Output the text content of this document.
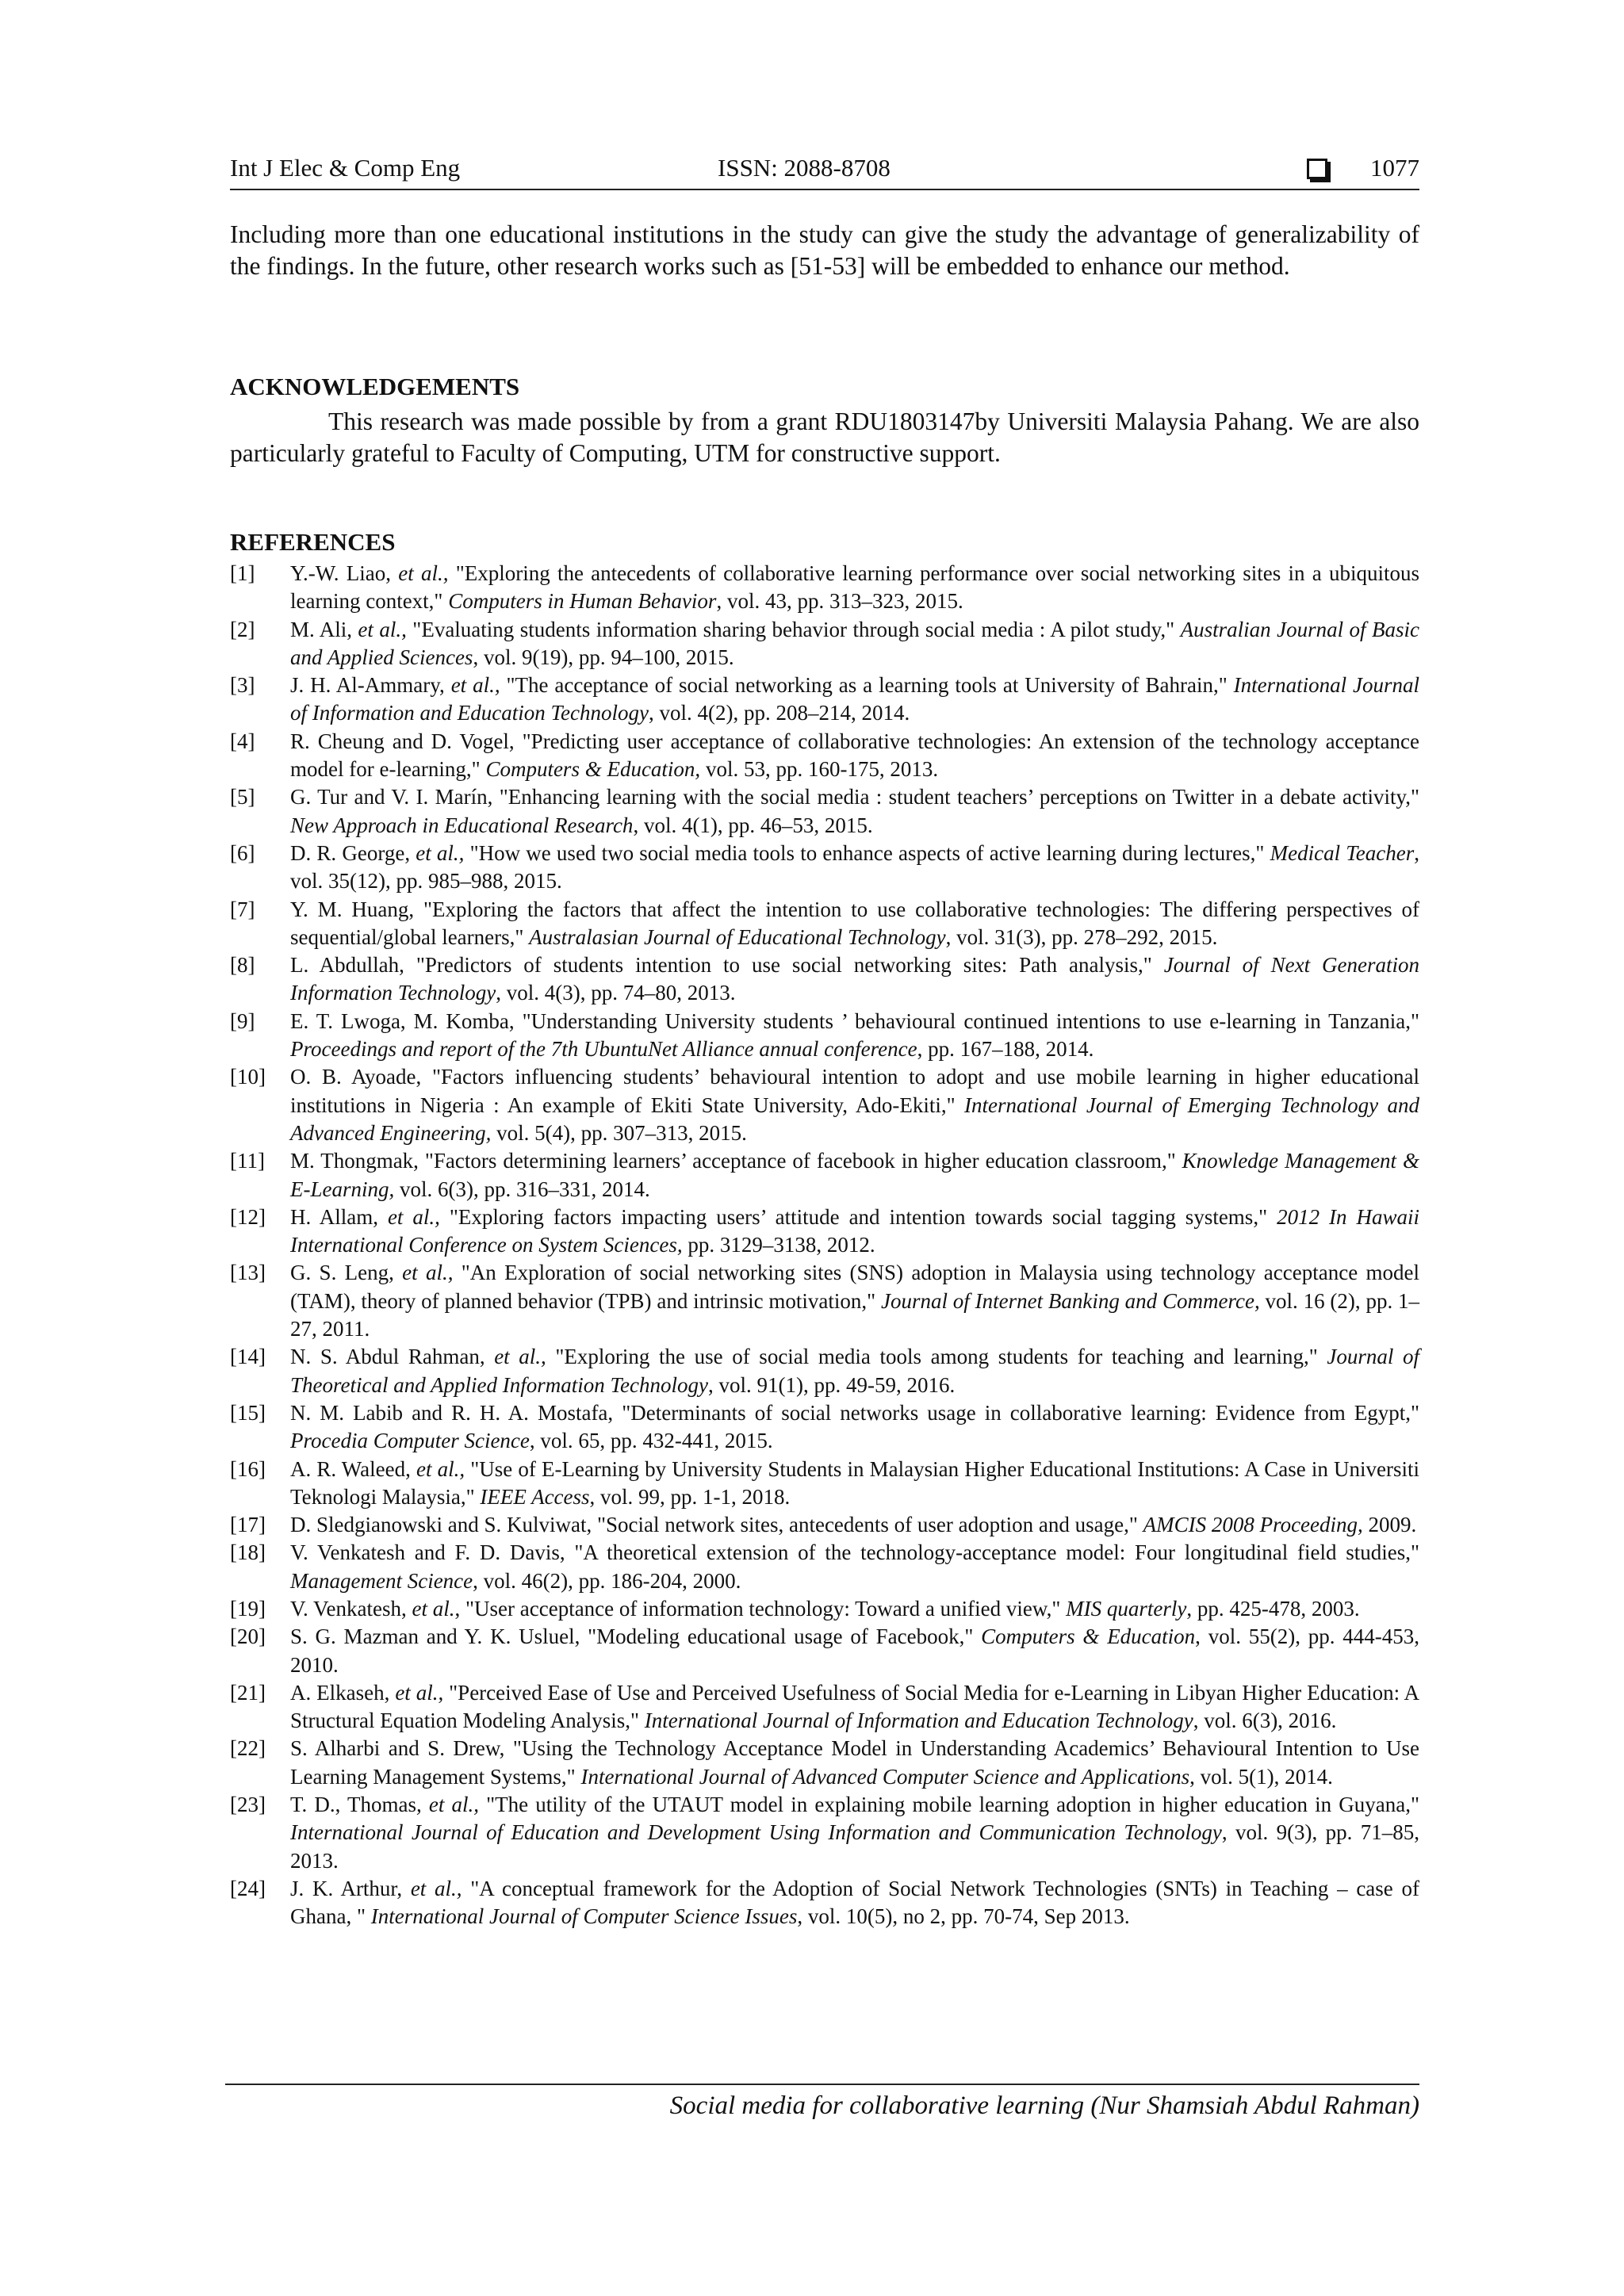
Int J Elec & Comp Eng	ISSN: 2088-8708	1077

Including more than one educational institutions in the study can give the study the advantage of generalizability of the findings. In the future, other research works such as [51-53] will be embedded to enhance our method.

ACKNOWLEDGEMENTS

This research was made possible by from a grant RDU1803147by Universiti Malaysia Pahang. We are also particularly grateful to Faculty of Computing, UTM for constructive support.

REFERENCES
[1] Y.-W. Liao, et al., "Exploring the antecedents of collaborative learning performance over social networking sites in a ubiquitous learning context," Computers in Human Behavior, vol. 43, pp. 313–323, 2015.
[2] M. Ali, et al., "Evaluating students information sharing behavior through social media : A pilot study," Australian Journal of Basic and Applied Sciences, vol. 9(19), pp. 94–100, 2015.
[3] J. H. Al-Ammary, et al., "The acceptance of social networking as a learning tools at University of Bahrain," International Journal of Information and Education Technology, vol. 4(2), pp. 208–214, 2014.
[4] R. Cheung and D. Vogel, "Predicting user acceptance of collaborative technologies: An extension of the technology acceptance model for e-learning," Computers & Education, vol. 53, pp. 160-175, 2013.
[5] G. Tur and V. I. Marín, "Enhancing learning with the social media : student teachers’ perceptions on Twitter in a debate activity," New Approach in Educational Research, vol. 4(1), pp. 46–53, 2015.
[6] D. R. George, et al., "How we used two social media tools to enhance aspects of active learning during lectures," Medical Teacher, vol. 35(12), pp. 985–988, 2015.
[7] Y. M. Huang, "Exploring the factors that affect the intention to use collaborative technologies: The differing perspectives of sequential/global learners," Australasian Journal of Educational Technology, vol. 31(3), pp. 278–292, 2015.
[8] L. Abdullah, "Predictors of students intention to use social networking sites: Path analysis," Journal of Next Generation Information Technology, vol. 4(3), pp. 74–80, 2013.
[9] E. T. Lwoga, M. Komba, "Understanding University students ’ behavioural continued intentions to use e-learning in Tanzania," Proceedings and report of the 7th UbuntuNet Alliance annual conference, pp. 167–188, 2014.
[10] O. B. Ayoade, "Factors influencing students’ behavioural intention to adopt and use mobile learning in higher educational institutions in Nigeria : An example of Ekiti State University, Ado-Ekiti," International Journal of Emerging Technology and Advanced Engineering, vol. 5(4), pp. 307–313, 2015.
[11] M. Thongmak, "Factors determining learners’ acceptance of facebook in higher education classroom," Knowledge Management & E-Learning, vol. 6(3), pp. 316–331, 2014.
[12] H. Allam, et al., "Exploring factors impacting users’ attitude and intention towards social tagging systems," 2012 In Hawaii International Conference on System Sciences, pp. 3129–3138, 2012.
[13] G. S. Leng, et al., "An Exploration of social networking sites (SNS) adoption in Malaysia using technology acceptance model (TAM), theory of planned behavior (TPB) and intrinsic motivation," Journal of Internet Banking and Commerce, vol. 16 (2), pp. 1–27, 2011.
[14] N. S. Abdul Rahman, et al., "Exploring the use of social media tools among students for teaching and learning," Journal of Theoretical and Applied Information Technology, vol. 91(1), pp. 49-59, 2016.
[15] N. M. Labib and R. H. A. Mostafa, "Determinants of social networks usage in collaborative learning: Evidence from Egypt," Procedia Computer Science, vol. 65, pp. 432-441, 2015.
[16] A. R. Waleed, et al., "Use of E-Learning by University Students in Malaysian Higher Educational Institutions: A Case in Universiti Teknologi Malaysia," IEEE Access, vol. 99, pp. 1-1, 2018.
[17] D. Sledgianowski and S. Kulviwat, "Social network sites, antecedents of user adoption and usage," AMCIS 2008 Proceeding, 2009.
[18] V. Venkatesh and F. D. Davis, "A theoretical extension of the technology-acceptance model: Four longitudinal field studies," Management Science, vol. 46(2), pp. 186-204, 2000.
[19] V. Venkatesh, et al., "User acceptance of information technology: Toward a unified view," MIS quarterly, pp. 425-478, 2003.
[20] S. G. Mazman and Y. K. Usluel, "Modeling educational usage of Facebook," Computers & Education, vol. 55(2), pp. 444-453, 2010.
[21] A. Elkaseh, et al., "Perceived Ease of Use and Perceived Usefulness of Social Media for e-Learning in Libyan Higher Education: A Structural Equation Modeling Analysis," International Journal of Information and Education Technology, vol. 6(3), 2016.
[22] S. Alharbi and S. Drew, "Using the Technology Acceptance Model in Understanding Academics’ Behavioural Intention to Use Learning Management Systems," International Journal of Advanced Computer Science and Applications, vol. 5(1), 2014.
[23] T. D., Thomas, et al., "The utility of the UTAUT model in explaining mobile learning adoption in higher education in Guyana," International Journal of Education and Development Using Information and Communication Technology, vol. 9(3), pp. 71–85, 2013.
[24] J. K. Arthur, et al., "A conceptual framework for the Adoption of Social Network Technologies (SNTs) in Teaching – case of Ghana, " International Journal of Computer Science Issues, vol. 10(5), no 2, pp. 70-74, Sep 2013.
Social media for collaborative learning (Nur Shamsiah Abdul Rahman)
